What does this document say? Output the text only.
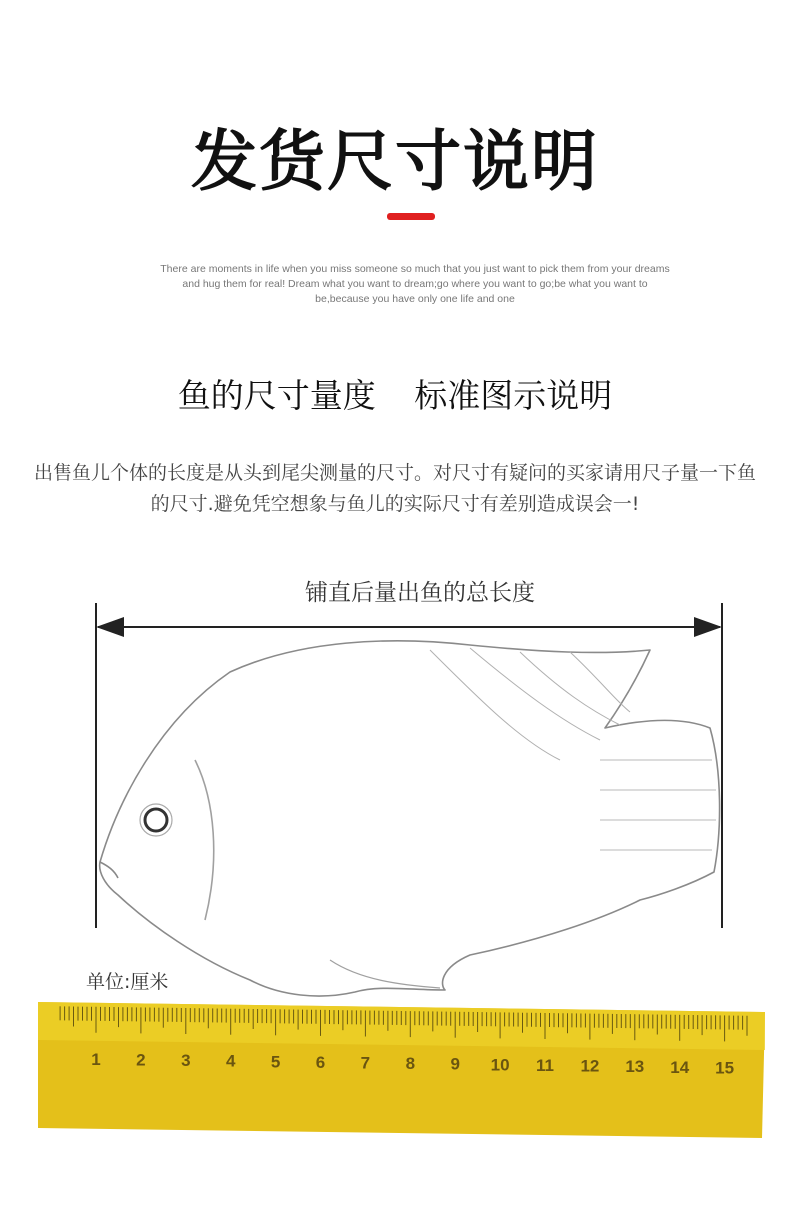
发货尺寸说明
There are moments in life when you miss someone so much that you just want to pick them from your dreams and hug them for real! Dream what you want to dream;go where you want to go;be what you want to be,because you have only one life and one
鱼的尺寸量度 标准图示说明
出售鱼儿个体的长度是从头到尾尖测量的尺寸。对尺寸有疑问的买家请用尺子量一下鱼的尺寸.避免凭空想象与鱼儿的实际尺寸有差别造成误会一!
铺直后量出鱼的总长度
1 2 3 4 5 6 7 8 9 10 11 12 13 14 15
单位:厘米
